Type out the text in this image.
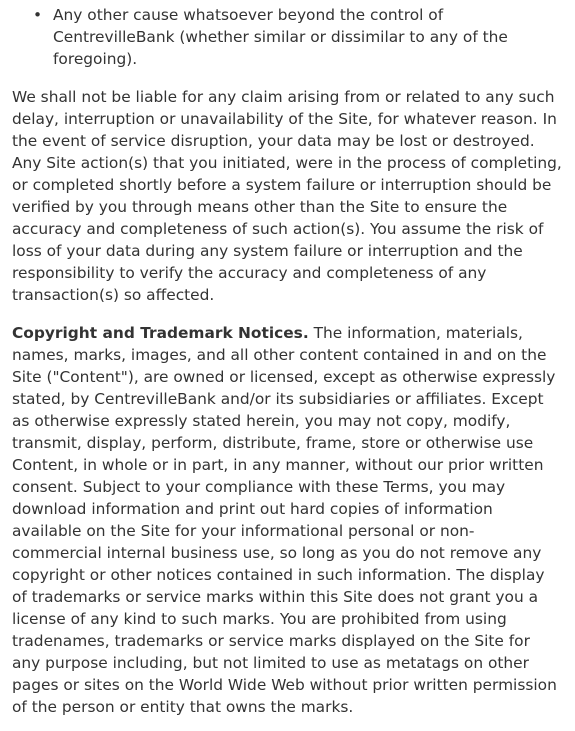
• Any other cause whatsoever beyond the control of CentrevilleBank (whether similar or dissimilar to any of the foregoing).

We shall not be liable for any claim arising from or related to any such delay, interruption or unavailability of the Site, for whatever reason. In the event of service disruption, your data may be lost or destroyed. Any Site action(s) that you initiated, were in the process of completing, or completed shortly before a system failure or interruption should be verified by you through means other than the Site to ensure the accuracy and completeness of such action(s). You assume the risk of loss of your data during any system failure or interruption and the responsibility to verify the accuracy and completeness of any transaction(s) so affected.

Copyright and Trademark Notices. The information, materials, names, marks, images, and all other content contained in and on the Site ("Content"), are owned or licensed, except as otherwise expressly stated, by CentrevilleBank and/or its subsidiaries or affiliates. Except as otherwise expressly stated herein, you may not copy, modify, transmit, display, perform, distribute, frame, store or otherwise use Content, in whole or in part, in any manner, without our prior written consent. Subject to your compliance with these Terms, you may download information and print out hard copies of information available on the Site for your informational personal or non-commercial internal business use, so long as you do not remove any copyright or other notices contained in such information. The display of trademarks or service marks within this Site does not grant you a license of any kind to such marks. You are prohibited from using tradenames, trademarks or service marks displayed on the Site for any purpose including, but not limited to use as metatags on other pages or sites on the World Wide Web without prior written permission of the person or entity that owns the marks.
